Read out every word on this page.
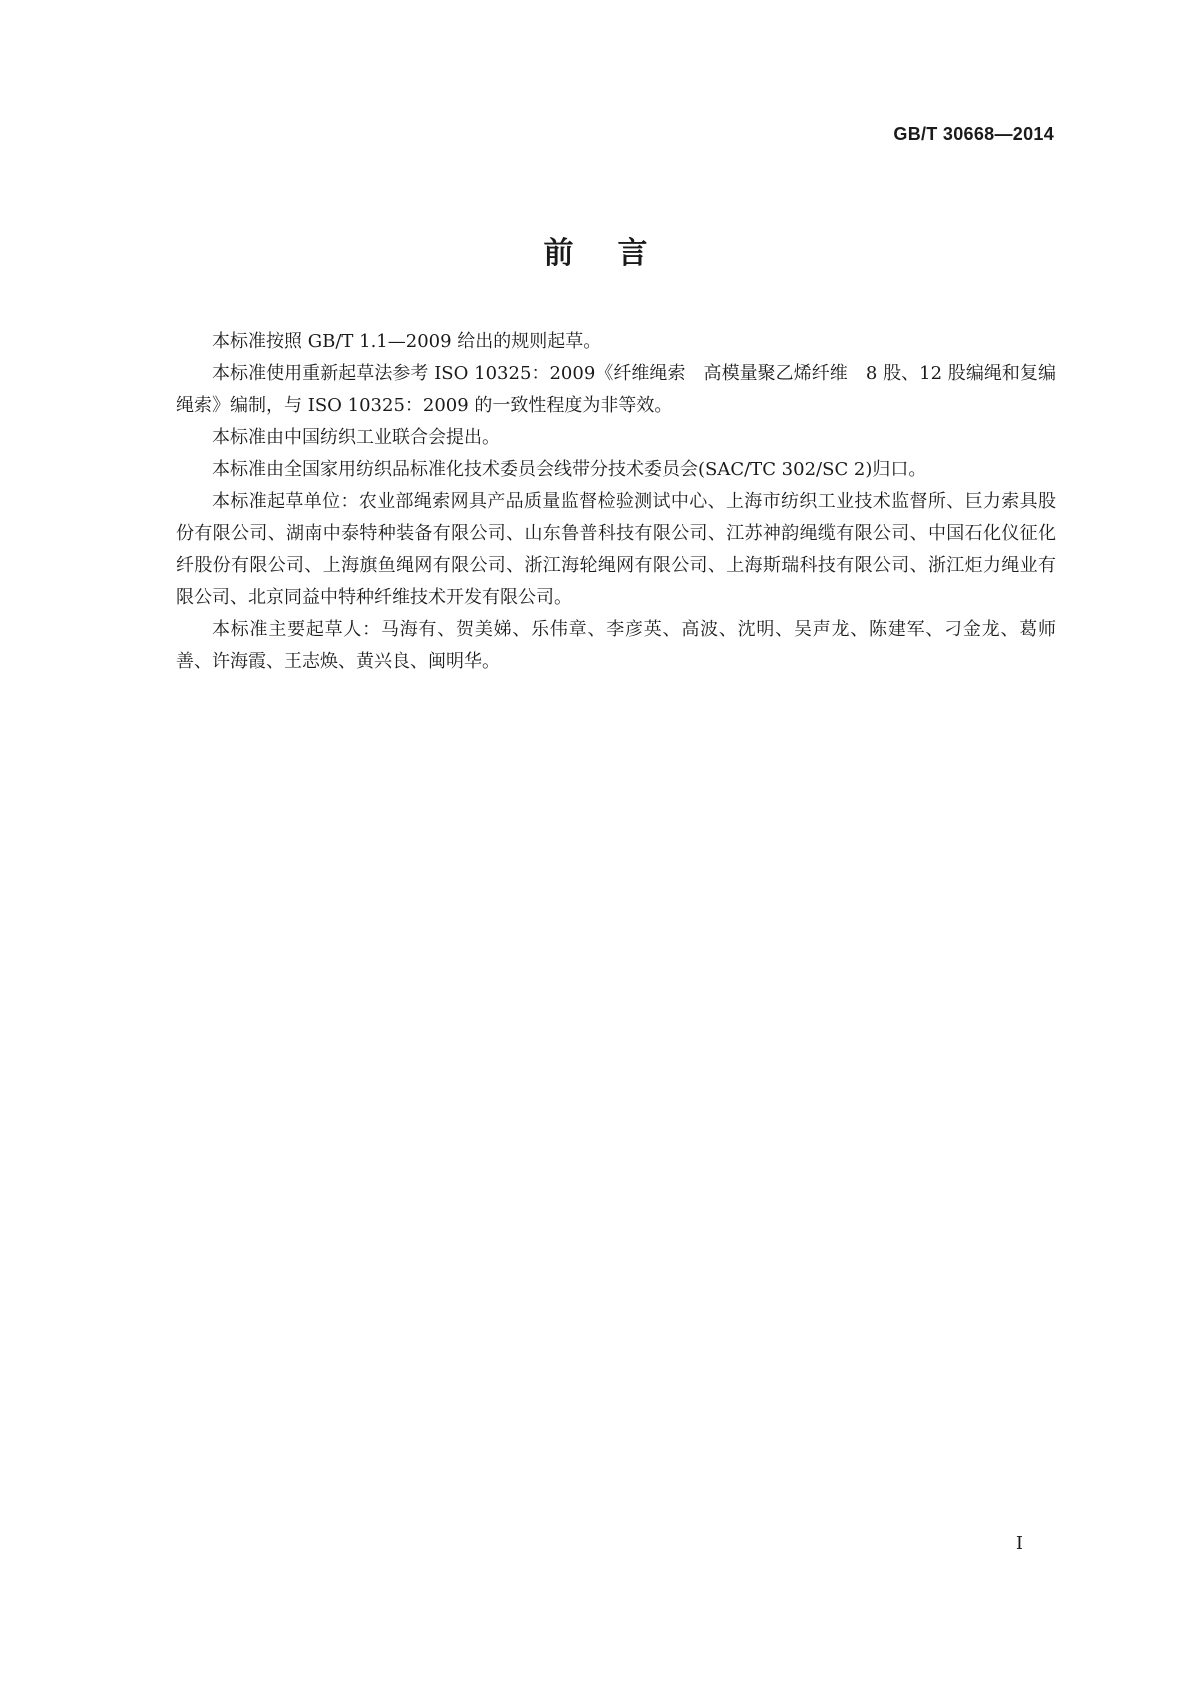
GB/T 30668—2014
前言

本标准按照 GB/T 1.1—2009 给出的规则起草。

本标准使用重新起草法参考 ISO 10325：2009《纤维绳索　高模量聚乙烯纤维　8 股、12 股编绳和复编绳索》编制，与 ISO 10325：2009 的一致性程度为非等效。

本标准由中国纺织工业联合会提出。

本标准由全国家用纺织品标准化技术委员会线带分技术委员会(SAC/TC 302/SC 2)归口。

本标准起草单位：农业部绳索网具产品质量监督检验测试中心、上海市纺织工业技术监督所、巨力索具股份有限公司、湖南中泰特种装备有限公司、山东鲁普科技有限公司、江苏神韵绳缆有限公司、中国石化仪征化纤股份有限公司、上海旗鱼绳网有限公司、浙江海轮绳网有限公司、上海斯瑞科技有限公司、浙江炬力绳业有限公司、北京同益中特种纤维技术开发有限公司。

本标准主要起草人：马海有、贺美娣、乐伟章、李彦英、高波、沈明、吴声龙、陈建军、刁金龙、葛师善、许海霞、王志焕、黄兴良、闽明华。

I
